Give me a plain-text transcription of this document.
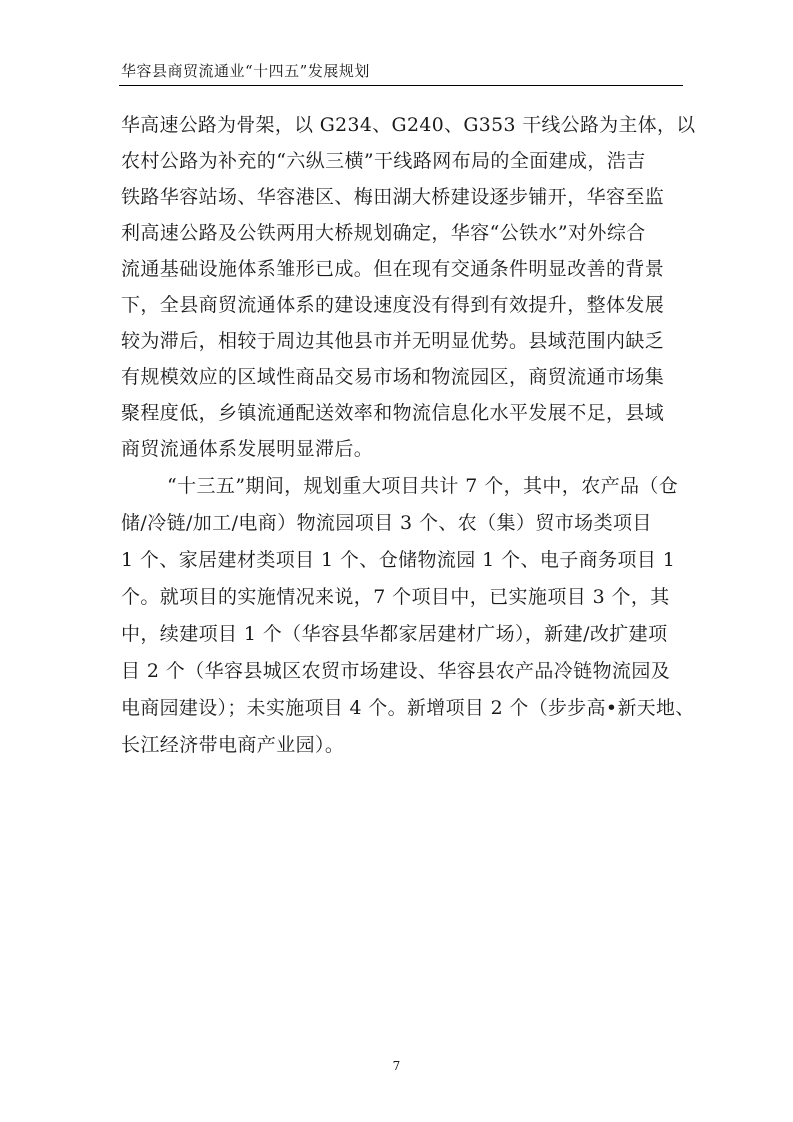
华容县商贸流通业“十四五”发展规划
华高速公路为骨架，以 G234、G240、G353 干线公路为主体，以
农村公路为补充的“六纵三横”干线路网布局的全面建成，浩吉
铁路华容站场、华容港区、梅田湖大桥建设逐步铺开，华容至监
利高速公路及公铁两用大桥规划确定，华容“公铁水”对外综合
流通基础设施体系雏形已成。但在现有交通条件明显改善的背景
下，全县商贸流通体系的建设速度没有得到有效提升，整体发展
较为滞后，相较于周边其他县市并无明显优势。县域范围内缺乏
有规模效应的区域性商品交易市场和物流园区，商贸流通市场集
聚程度低，乡镇流通配送效率和物流信息化水平发展不足，县域
商贸流通体系发展明显滞后。
“十三五”期间，规划重大项目共计 7 个，其中，农产品（仓
储/冷链/加工/电商）物流园项目 3 个、农（集）贸市场类项目
1 个、家居建材类项目 1 个、仓储物流园 1 个、电子商务项目 1
个。就项目的实施情况来说，7 个项目中，已实施项目 3 个，其
中，续建项目 1 个（华容县华都家居建材广场），新建/改扩建项
目 2 个（华容县城区农贸市场建设、华容县农产品冷链物流园及
电商园建设）；未实施项目 4 个。新增项目 2 个（步步高•新天地、
长江经济带电商产业园）。
7
